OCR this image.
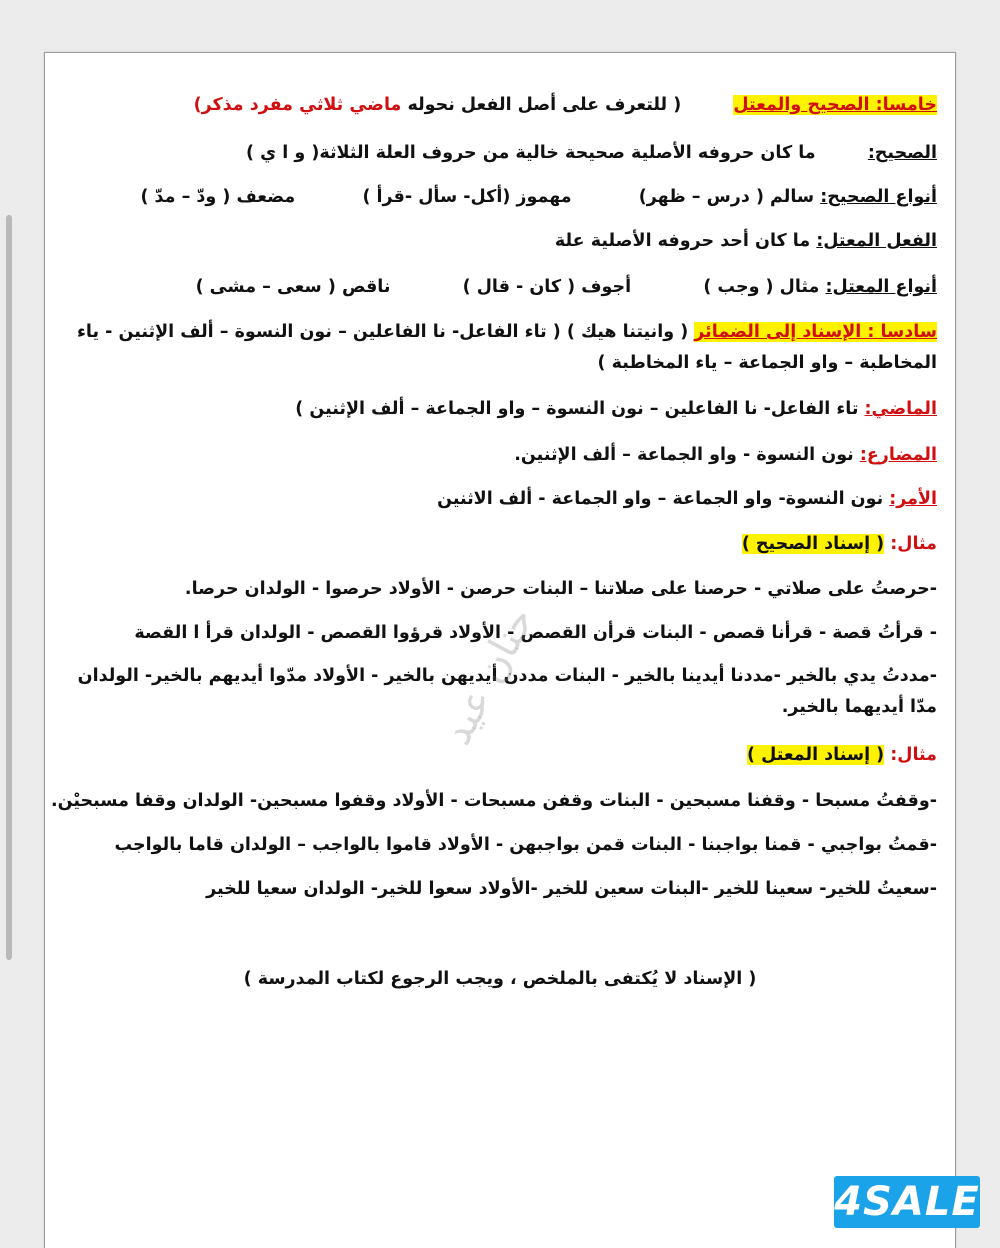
خامسا: الصحيح والمعتل  ( للتعرف على أصل الفعل نحوله ماضي ثلاثي مفرد مذكر)
الصحيح:  ما كان حروفه الأصلية صحيحة خالية من حروف العلة الثلاثة( و ا ي )
أنواع الصحيح: سالم ( درس – ظهر)  مهموز (أكل- سأل -قرأ )  مضعف ( ودّ – مدّ )
الفعل المعتل: ما كان أحد حروفه الأصلية علة
أنواع المعتل: مثال ( وجب )  أجوف ( كان - قال )  ناقص ( سعى – مشى )
سادسا : الإسناد إلى الضمائر ( وانيتنا هيك ) ( تاء الفاعل- نا الفاعلين – نون النسوة – ألف الإثنين - ياء المخاطبة – واو الجماعة – ياء المخاطبة )
الماضي: تاء الفاعل- نا الفاعلين – نون النسوة – واو الجماعة – ألف الإثنين )
المضارع: نون النسوة - واو الجماعة – ألف الإثنين.
الأمر: نون النسوة- واو الجماعة – واو الجماعة - ألف الاثنين
مثال: ( إسناد الصحيح )
-حرصتُ على صلاتي - حرصنا على صلاتنا – البنات حرصن - الأولاد حرصوا - الولدان حرصا.
- قرأتُ قصة - قرأنا قصص - البنات قرأن القصص - الأولاد قرؤوا القصص - الولدان قرأ ا القصة
-مددتُ يدي بالخير -مددنا أيدينا بالخير - البنات مددن أيديهن بالخير - الأولاد مدّوا أيديهم بالخير- الولدان مدّا أيديهما بالخير.
مثال: ( إسناد المعتل )
-وقفتُ مسبحا - وقفنا مسبحين - البنات وقفن مسبحات - الأولاد وقفوا مسبحين- الولدان وقفا مسبحيْن.
-قمتُ بواجبي - قمنا بواجبنا - البنات قمن بواجبهن - الأولاد قاموا بالواجب – الولدان قاما بالواجب
-سعيتُ للخير- سعينا للخير -البنات سعين للخير -الأولاد سعوا للخير- الولدان سعيا للخير
( الإسناد لا يُكتفى بالملخص ، ويجب الرجوع لكتاب المدرسة )
حنان عيد
4SALE
